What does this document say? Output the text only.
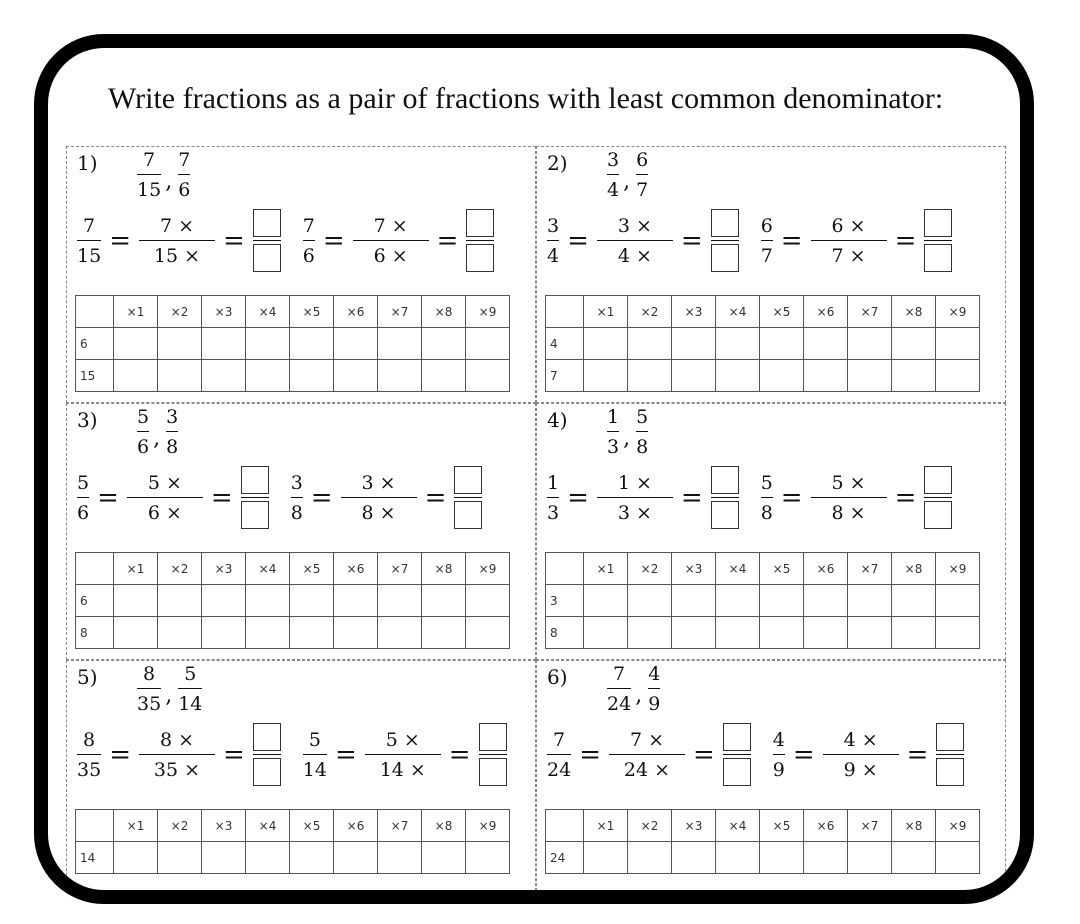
Write fractions as a pair of fractions with least common denominator:
$1) \frac{7}{15}$ , $\frac{7}{6}$
$\frac{7}{15} = \frac{7 \times}{15 \times}$ =	$\frac{7}{6} = \frac{7 \times}{6 \times}$ =
	×1	×2	×3	×4	×5	×6	×7	×8	×9
6									
15									
$2) \frac{3}{4}$ , $\frac{6}{7}$
$\frac{3}{4} = \frac{3 \times}{4 \times}$ =	$\frac{6}{7} = \frac{6 \times}{7 \times}$ =
	×1	×2	×3	×4	×5	×6	×7	×8	×9
4									
7									
$3) \frac{5}{6}$ , $\frac{3}{8}$
$\frac{5}{6} = \frac{5 \times}{6 \times}$ =	$\frac{3}{8} = \frac{3 \times}{8 \times}$ =
	×1	×2	×3	×4	×5	×6	×7	×8	×9
6									
8									
$4) \frac{1}{3}$ , $\frac{5}{8}$
$\frac{1}{3} = \frac{1 \times}{3 \times}$ =	$\frac{5}{8} = \frac{5 \times}{8 \times}$ =
	×1	×2	×3	×4	×5	×6	×7	×8	×9
3									
8									
$5) \frac{8}{35}$ , $\frac{5}{14}$
$\frac{8}{35} = \frac{8 \times}{35 \times}$ =	$\frac{5}{14} = \frac{5 \times}{14 \times}$ =
	×1	×2	×3	×4	×5	×6	×7	×8	×9
14									
$6) \frac{7}{24}$ , $\frac{4}{9}$
$\frac{7}{24} = \frac{7 \times}{24 \times}$ =	$\frac{4}{9} = \frac{4 \times}{9 \times}$ =
	×1	×2	×3	×4	×5	×6	×7	×8	×9
24									
